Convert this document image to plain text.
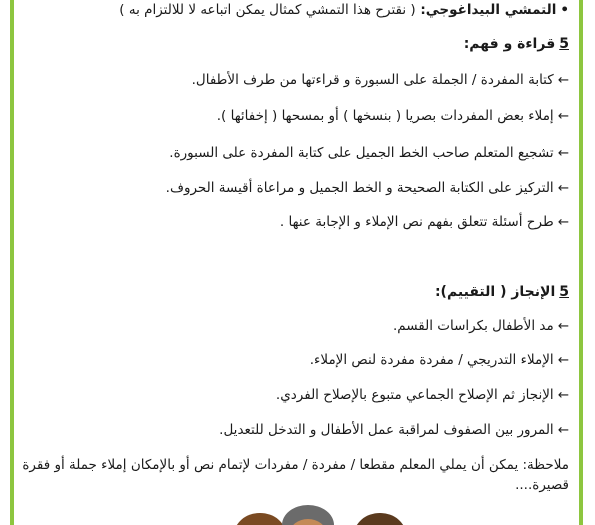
•التمشي البيداغوجي: ( نقترح هذا التمشي كمثال يمكن اتباعه لا للالتزام به )
5قراءة و فهم:
←كتابة المفردة / الجملة على السبورة و قراءتها من طرف الأطفال.
←إملاء بعض المفردات بصريا ( بنسخها ) أو بمسحها ( إخفائها ).
←تشجيع المتعلم صاحب الخط الجميل على كتابة المفردة على السبورة.
←التركيز على الكتابة الصحيحة و الخط الجميل و مراعاة أقيسة الحروف.
←طرح أسئلة تتعلق بفهم نص الإملاء و الإجابة عنها .
5الإنجاز ( التقييم):
←مد الأطفال بكراسات القسم.
←الإملاء التدريجي / مفردة مفردة لنص الإملاء.
←الإنجاز ثم الإصلاح الجماعي متبوع بالإصلاح الفردي.
←المرور بين الصفوف لمراقبة عمل الأطفال و التدخل للتعديل.
ملاحظة: يمكن أن يملي المعلم مقطعا / مفردة / مفردات لإتمام نص أو بالإمكان إملاء جملة أو فقرة قصيرة....
